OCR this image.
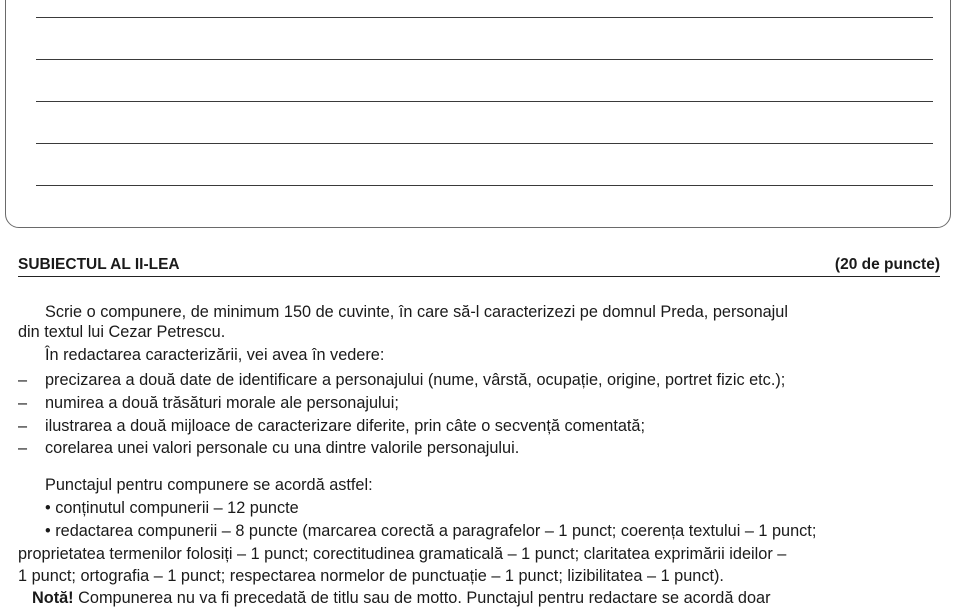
SUBIECTUL AL II-LEA	(20 de puncte)
Scrie o compunere, de minimum 150 de cuvinte, în care să-l caracterizezi pe domnul Preda, personajul
din textul lui Cezar Petrescu.
În redactarea caracterizării, vei avea în vedere:
– precizarea a două date de identificare a personajului (nume, vârstă, ocupație, origine, portret fizic etc.);
– numirea a două trăsături morale ale personajului;
– ilustrarea a două mijloace de caracterizare diferite, prin câte o secvență comentată;
– corelarea unei valori personale cu una dintre valorile personajului.
Punctajul pentru compunere se acordă astfel:
• conținutul compunerii – 12 puncte
• redactarea compunerii – 8 puncte (marcarea corectă a paragrafelor – 1 punct; coerența textului – 1 punct;
proprietatea termenilor folosiți – 1 punct; corectitudinea gramaticală – 1 punct; claritatea exprimării ideilor –
1 punct; ortografia – 1 punct; respectarea normelor de punctuație – 1 punct; lizibilitatea – 1 punct).
Notă! Compunerea nu va fi precedată de titlu sau de motto. Punctajul pentru redactare se acordă doar
